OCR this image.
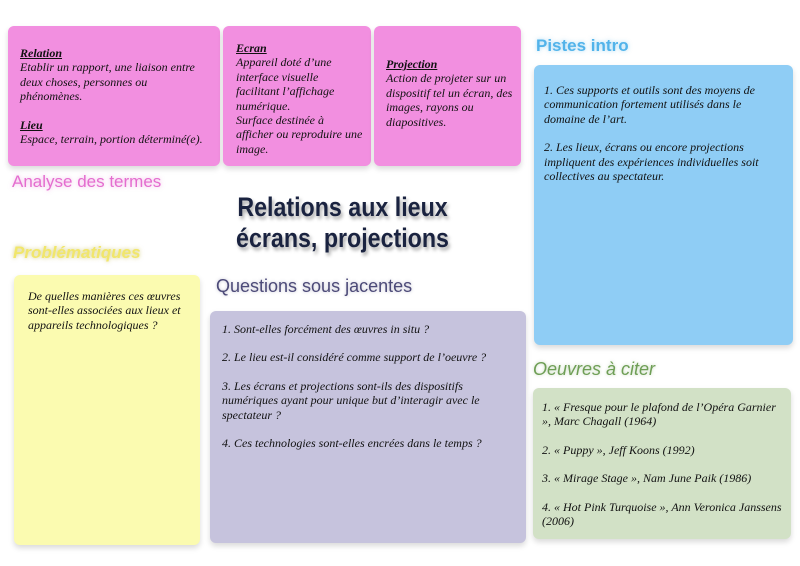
Relation

Etablir un rapport, une liaison entre deux choses, personnes ou phénomènes.

Lieu

Espace, terrain, portion déterminé(e).

Ecran

Appareil doté d’une interface visuelle facilitant l’affichage numérique.

Surface destinée à afficher ou reproduire une image.

Projection

Action de projeter sur un dispositif tel un écran, des images, rayons ou diapositives.

Analyse des termes
Problématiques
Questions sous jacentes
Pistes intro
Oeuvres à citer
Relations aux lieux
écrans, projections

De quelles manières ces œuvres sont-elles associées aux lieux et appareils technologiques ?	1. Sont-elles forcément des œuvres in situ ?
2. Le lieu est-il considéré comme support de l’oeuvre ?
3. Les écrans et projections sont-ils des dispositifs numériques ayant pour unique but d’interagir avec le spectateur ?
4. Ces technologies sont-elles encrées dans le temps ?
1. Ces supports et outils sont des moyens de communication fortement utilisés dans le domaine de l’art.
2. Les lieux, écrans ou encore projections impliquent des expériences individuelles soit collectives au spectateur.
1. « Fresque pour le plafond de l’Opéra Garnier », Marc Chagall (1964)
2. « Puppy », Jeff Koons (1992)
3. « Mirage Stage », Nam June Paik (1986)
4. « Hot Pink Turquoise », Ann Veronica Janssens (2006)
